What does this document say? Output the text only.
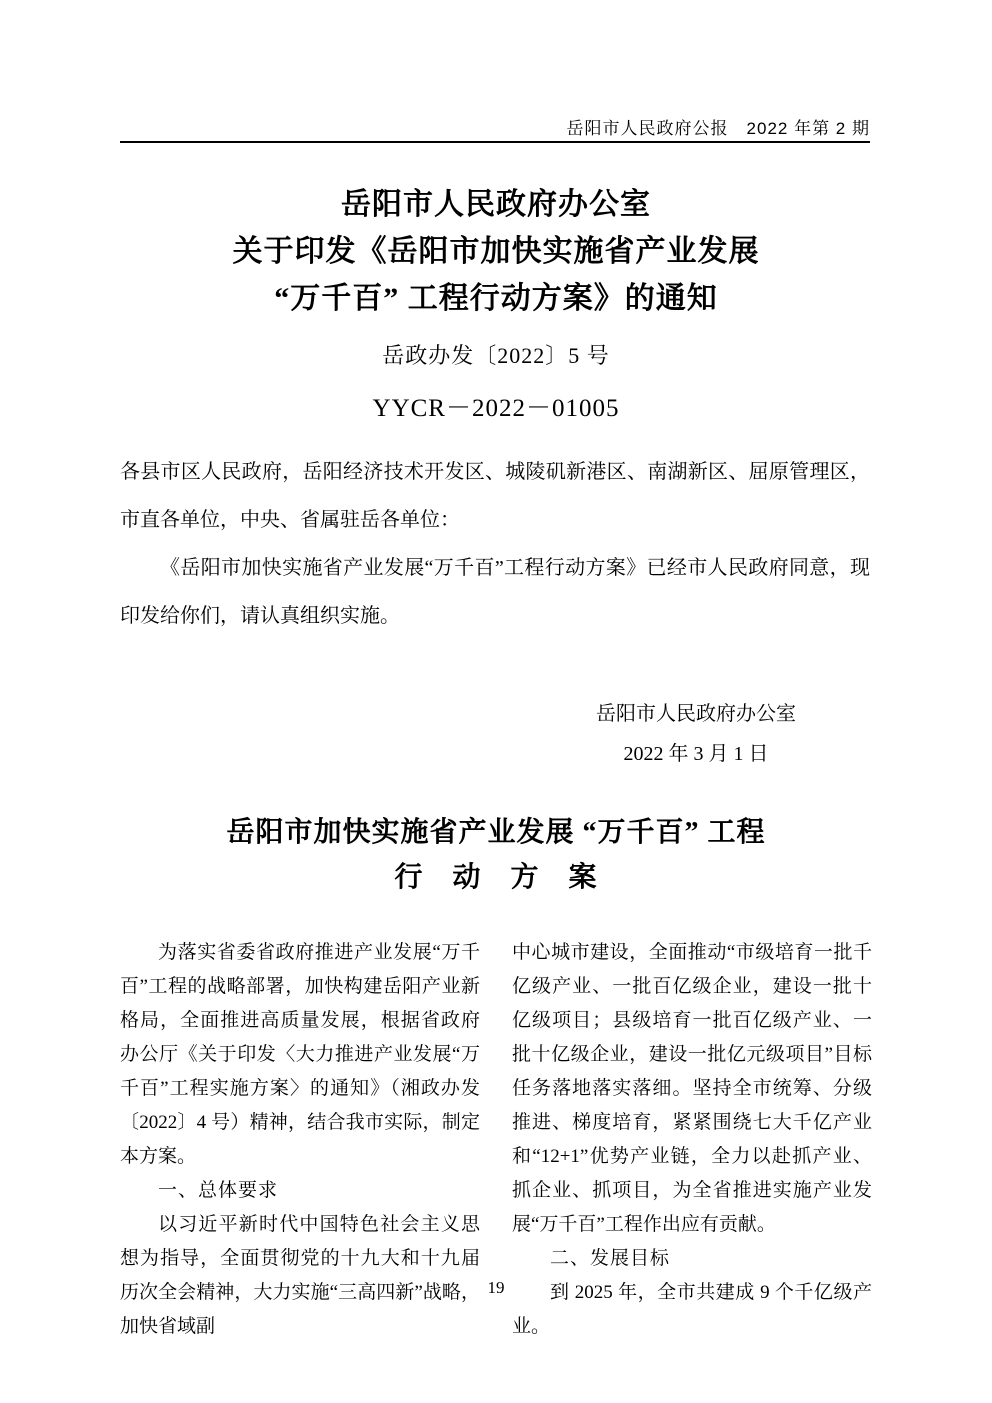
岳阳市人民政府公报　2022 年第 2 期
岳阳市人民政府办公室
关于印发《岳阳市加快实施省产业发展
“万千百” 工程行动方案》的通知
岳政办发〔2022〕5 号
YYCR－2022－01005

各县市区人民政府，岳阳经济技术开发区、城陵矶新港区、南湖新区、屈原管理区，市直各单位，中央、省属驻岳各单位：

《岳阳市加快实施省产业发展“万千百”工程行动方案》已经市人民政府同意，现印发给你们，请认真组织实施。

岳阳市人民政府办公室
2022 年 3 月 1 日
岳阳市加快实施省产业发展 “万千百” 工程
行　动　方　案

为落实省委省政府推进产业发展“万千百”工程的战略部署，加快构建岳阳产业新格局，全面推进高质量发展，根据省政府办公厅《关于印发〈大力推进产业发展“万千百”工程实施方案〉的通知》（湘政办发〔2022〕4 号）精神，结合我市实际，制定本方案。

一、总体要求

以习近平新时代中国特色社会主义思想为指导，全面贯彻党的十九大和十九届历次全会精神，大力实施“三高四新”战略，加快省域副

中心城市建设，全面推动“市级培育一批千亿级产业、一批百亿级企业，建设一批十亿级项目；县级培育一批百亿级产业、一批十亿级企业，建设一批亿元级项目”目标任务落地落实落细。坚持全市统筹、分级推进、梯度培育，紧紧围绕七大千亿产业和“12+1”优势产业链，全力以赴抓产业、抓企业、抓项目，为全省推进实施产业发展“万千百”工程作出应有贡献。

二、发展目标

到 2025 年，全市共建成 9 个千亿级产业。

19
